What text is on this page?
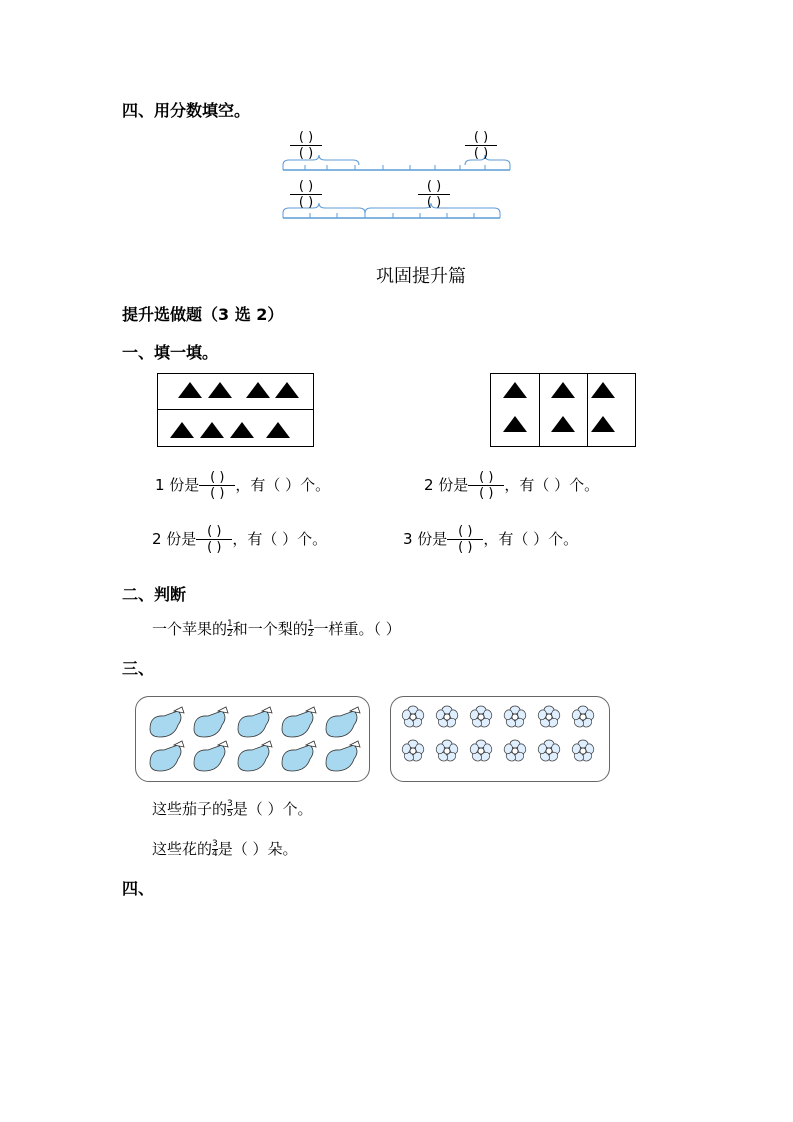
四、用分数填空。
( )
( )
( )
( )
( )
( )
( )
( )
巩固提升篇
提升选做题（3 选 2）
一、填一填。
1 份是 $\frac{( )}{( )}$ ，有（ ）个。	2 份是 $\frac{( )}{( )}$ ，有（ ）个。
2 份是 $\frac{( )}{( )}$ ，有（ ）个。	3 份是 $\frac{( )}{( )}$ ，有（ ）个。
二、判断
一个苹果的$\frac{1}{2}$和一个梨的$\frac{1}{2}$一样重。（ ）
三、
这些茄子的$\frac{3}{5}$是（ ）个。
这些花的$\frac{3}{4}$是（ ）朵。
四、
